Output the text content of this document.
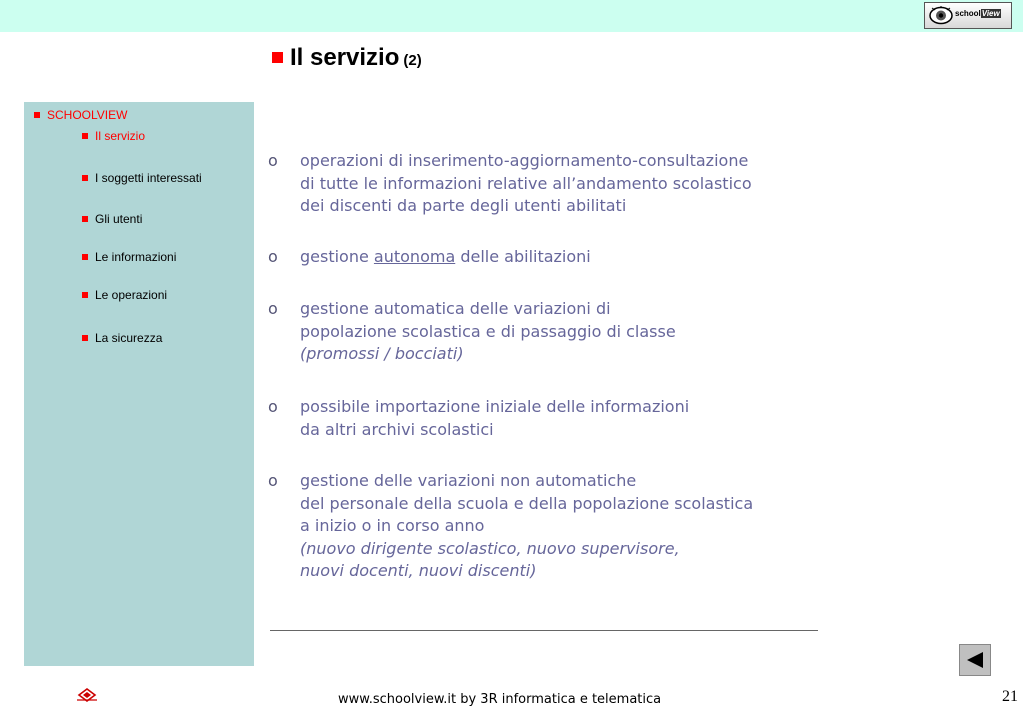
schoolView
Il servizio (2)
SCHOOLVIEW
Il servizio
I soggetti interessati
Gli utenti
Le informazioni
Le operazioni
La sicurezza
o operazioni di inserimento-aggiornamento-consultazione
di tutte le informazioni relative all’andamento scolastico
dei discenti da parte degli utenti abilitati
o gestione autonoma delle abilitazioni
o gestione automatica delle variazioni di
popolazione scolastica e di passaggio di classe
(promossi / bocciati)
o possibile importazione iniziale delle informazioni
da altri archivi scolastici
o gestione delle variazioni non automatiche
del personale della scuola e della popolazione scolastica
a inizio o in corso anno
(nuovo dirigente scolastico, nuovo supervisore,
nuovi docenti, nuovi discenti)
www.schoolview.it by 3R informatica e telematica	21
